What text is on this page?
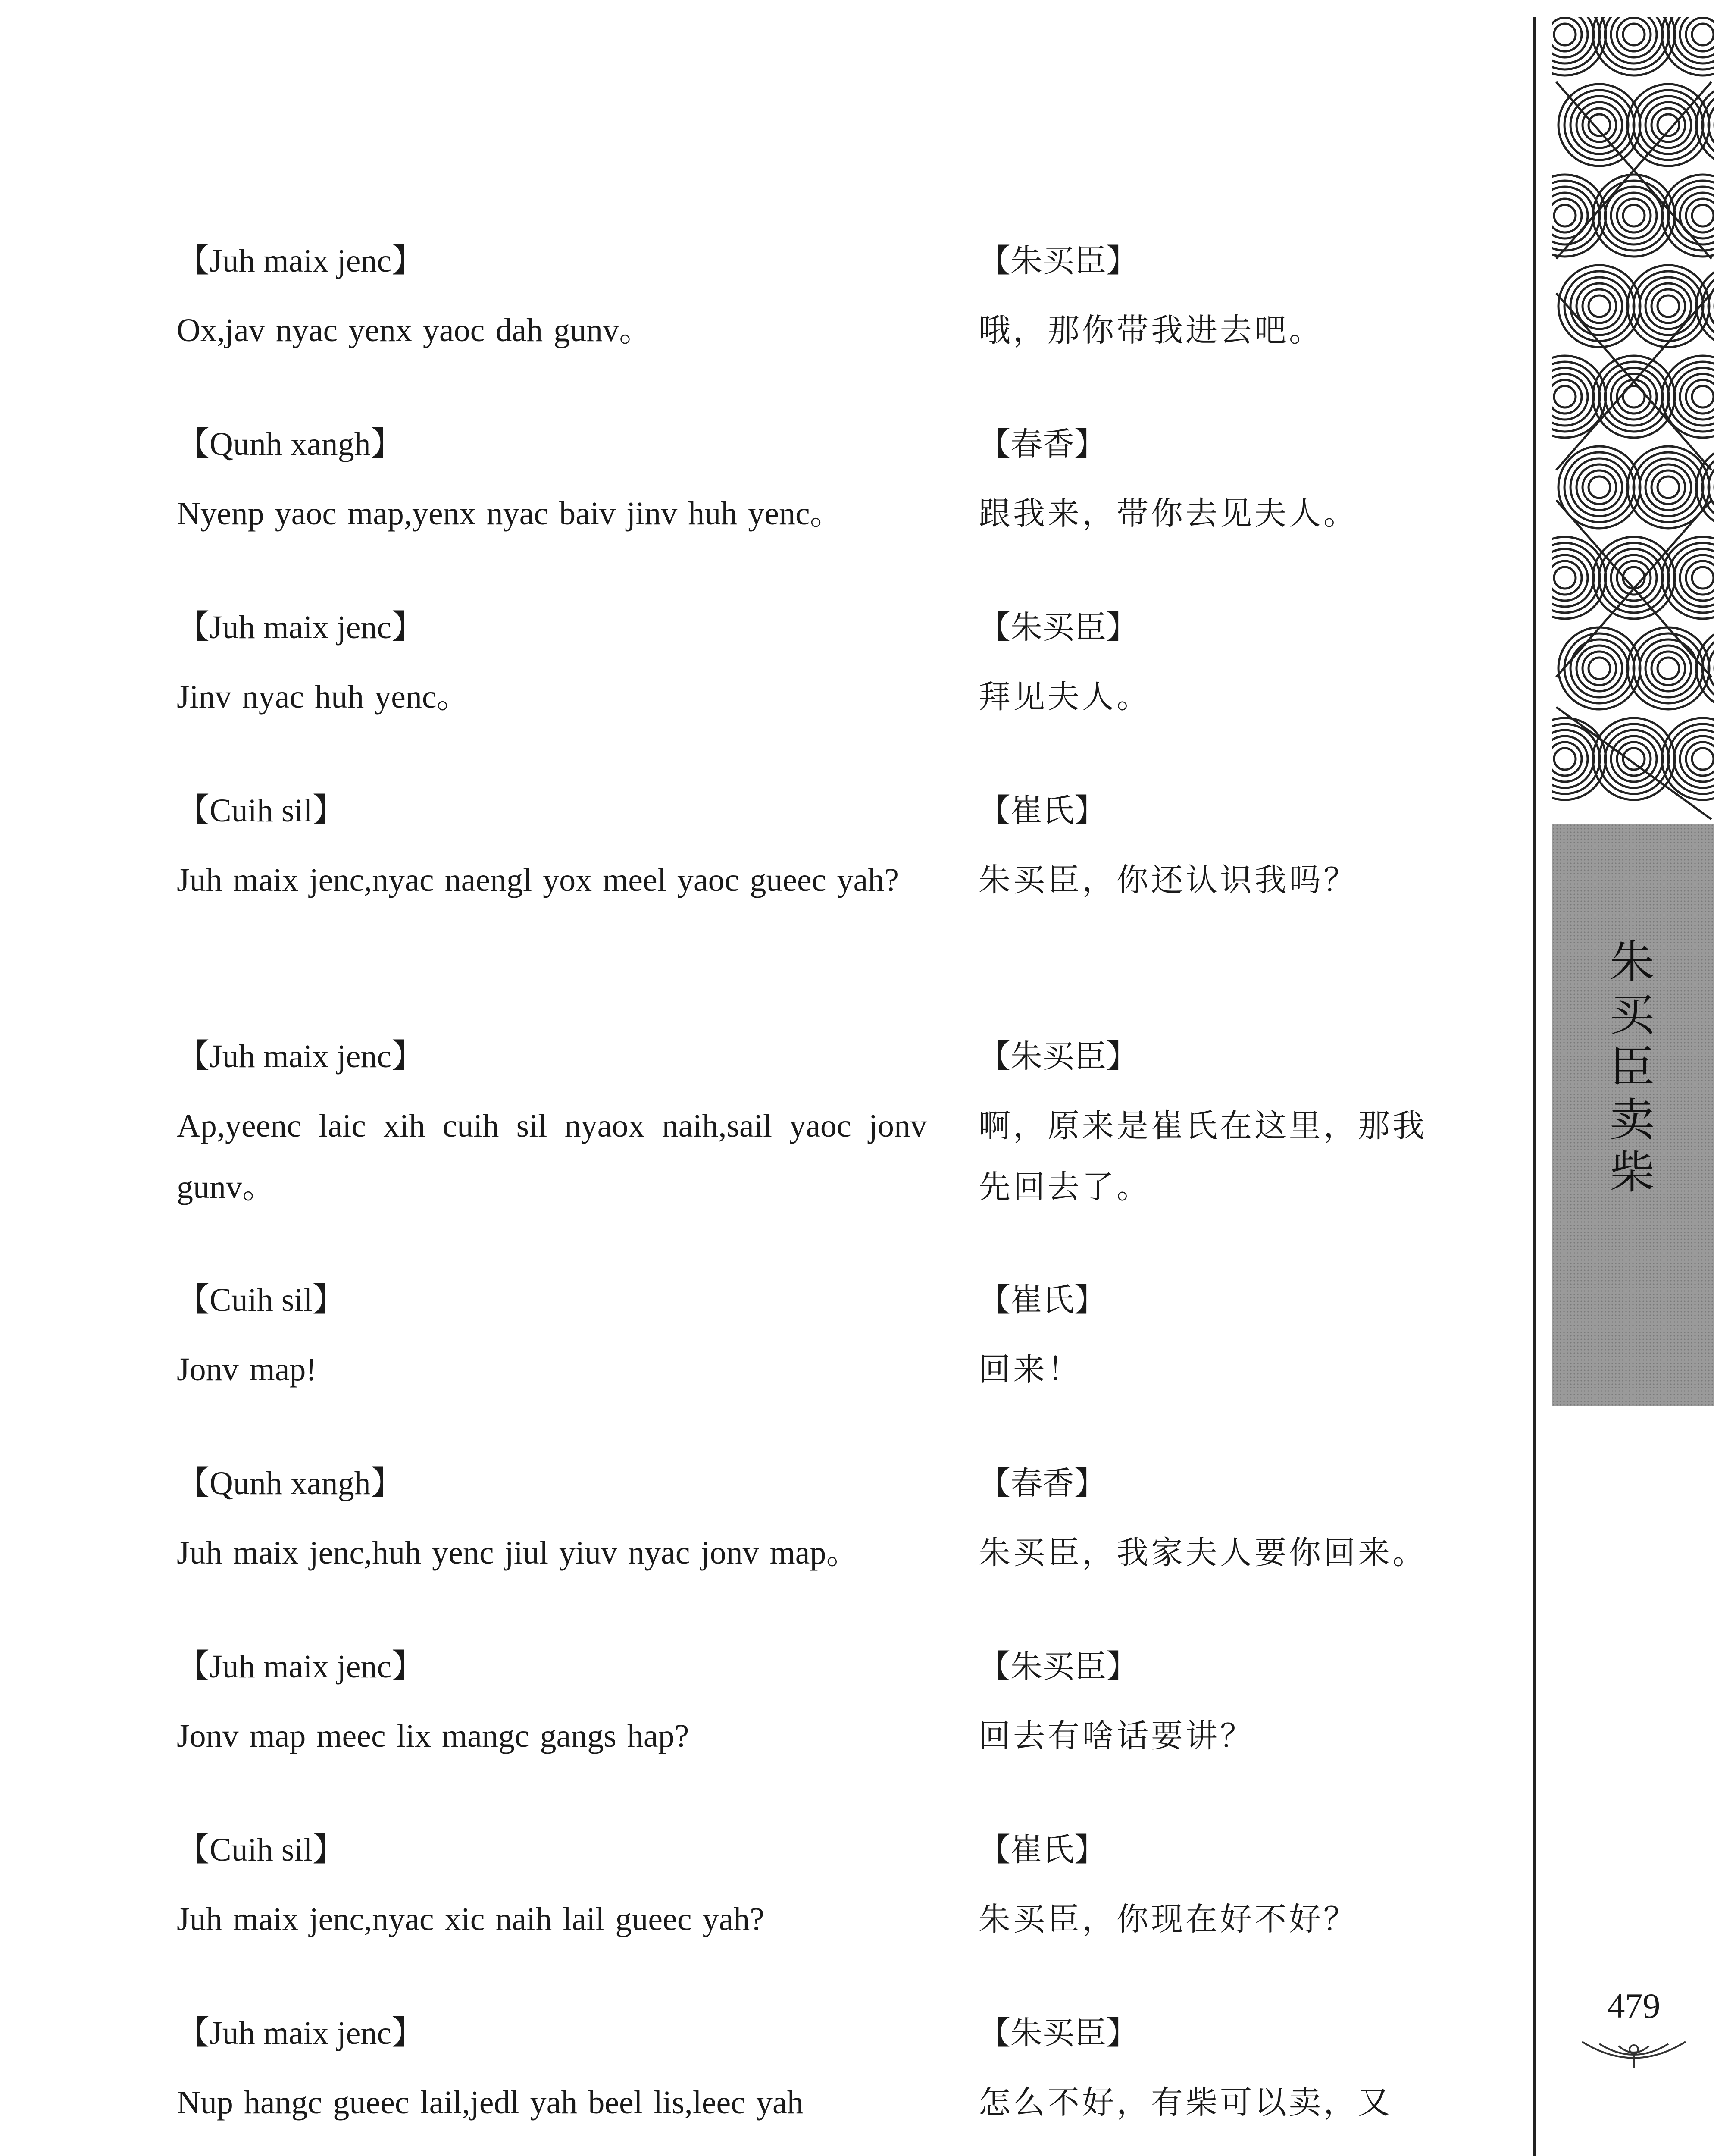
【Juh maix jenc】
Ox,jav nyac yenx yaoc dah gunv。
【朱买臣】
哦，那你带我进去吧。
【Qunh xangh】
Nyenp yaoc map,yenx nyac baiv jinv huh yenc。
【春香】
跟我来，带你去见夫人。
【Juh maix jenc】
Jinv nyac huh yenc。
【朱买臣】
拜见夫人。
【Cuih sil】
Juh maix jenc,nyac naengl yox meel yaoc gueec yah?
【崔氏】
朱买臣，你还认识我吗？
【Juh maix jenc】
Ap,yeenc laic xih cuih sil nyaox naih,sail yaoc jonv gunv。
【朱买臣】
啊，原来是崔氏在这里，那我先回去了。
【Cuih sil】
Jonv map!
【崔氏】
回来！
【Qunh xangh】
Juh maix jenc,huh yenc jiul yiuv nyac jonv map。
【春香】
朱买臣，我家夫人要你回来。
【Juh maix jenc】
Jonv map meec lix mangc gangs hap?
【朱买臣】
回去有啥话要讲？
【Cuih sil】
Juh maix jenc,nyac xic naih lail gueec yah?
【崔氏】
朱买臣，你现在好不好？
【Juh maix jenc】
Nup hangc gueec lail,jedl yah beel lis,leec yah
【朱买臣】
怎么不好，有柴可以卖，又
朱
买
臣
卖
柴
479
